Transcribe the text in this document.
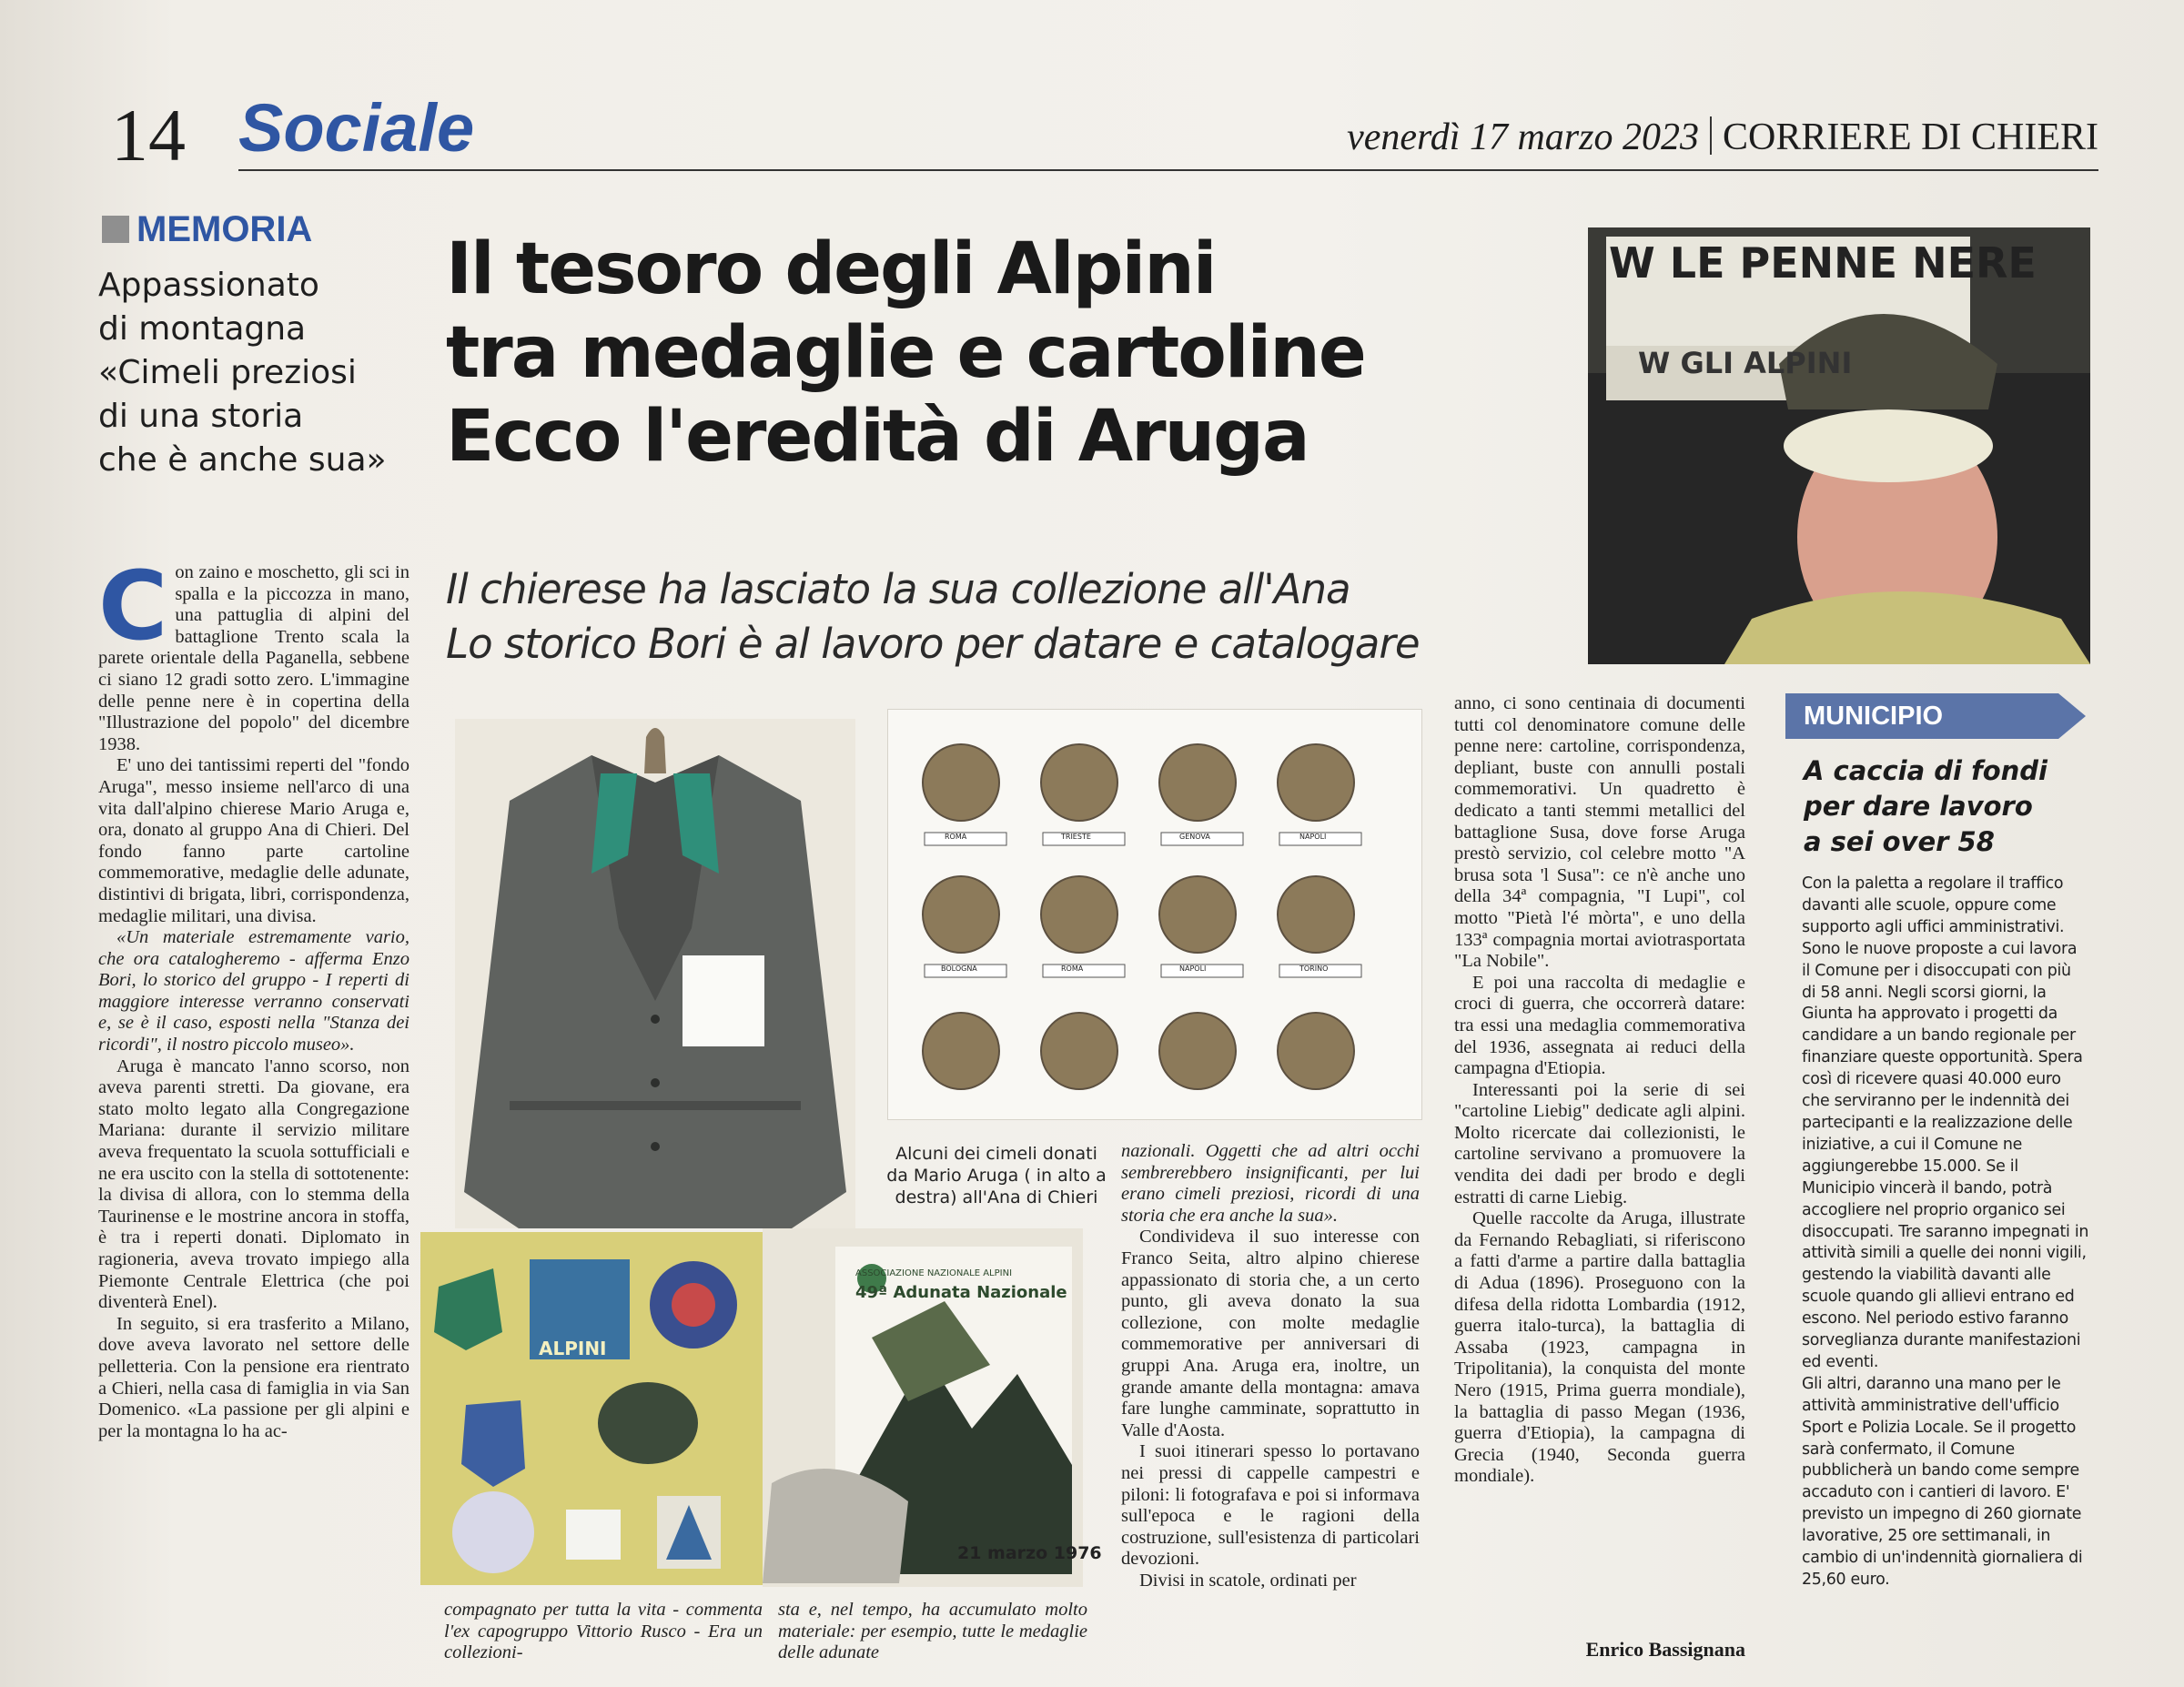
14 Sociale	venerdì 17 marzo 2023 CORRIERE DI CHIERI
MEMORIA
Appassionato
di montagna
«Cimeli preziosi
di una storia
che è anche sua»
Il tesoro degli Alpini
tra medaglie e cartoline
Ecco l'eredità di Aruga
Il chierese ha lasciato la sua collezione all'Ana
Lo storico Bori è al lavoro per datare e catalogare
C on zaino e moschetto, gli sci in spalla e la piccozza in mano, una pattuglia di alpini del battaglione Trento scala la parete orientale della Paganella, sebbene ci siano 12 gradi sotto zero. L'immagine delle penne nere è in copertina della "Illustrazione del popolo" del dicembre 1938.

E' uno dei tantissimi reperti del "fondo Aruga", messo insieme nell'arco di una vita dall'alpino chierese Mario Aruga e, ora, donato al gruppo Ana di Chieri. Del fondo fanno parte cartoline commemorative, medaglie delle adunate, distintivi di brigata, libri, corrispondenza, medaglie militari, una divisa.

«Un materiale estremamente vario, che ora catalogheremo - afferma Enzo Bori, lo storico del gruppo - I reperti di maggiore interesse verranno conservati e, se è il caso, esposti nella "Stanza dei ricordi", il nostro piccolo museo».

Aruga è mancato l'anno scorso, non aveva parenti stretti. Da giovane, era stato molto legato alla Congregazione Mariana: durante il servizio militare aveva frequentato la scuola sottufficiali e ne era uscito con la stella di sottotenente: la divisa di allora, con lo stemma della Taurinense e le mostrine ancora in stoffa, è tra i reperti donati. Diplomato in ragioneria, aveva trovato impiego alla Piemonte Centrale Elettrica (che poi diventerà Enel).

In seguito, si era trasferito a Milano, dove aveva lavorato nel settore delle pelletteria. Con la pensione era rientrato a Chieri, nella casa di famiglia in via San Domenico. «La passione per gli alpini e per la montagna lo ha ac-

W LE PENNE NERE
W GLI ALPINI
ROMA	TRIESTE	GENOVA	NAPOLI
BOLOGNA	ROMA	NAPOLI	TORINO
ALPINI
ASSOCIAZIONE NAZIONALE ALPINI
49ª Adunata Nazionale
21 marzo 1976
Alcuni dei cimeli donati da Mario Aruga ( in alto a destra) all'Ana di Chieri

nazionali. Oggetti che ad altri occhi sembrerebbero insignificanti, per lui erano cimeli preziosi, ricordi di una storia che era anche la sua».

Condivideva il suo interesse con Franco Seita, altro alpino chierese appassionato di storia che, a un certo punto, gli aveva donato la sua collezione, con molte medaglie commemorative per anniversari di gruppi Ana. Aruga era, inoltre, un grande amante della montagna: amava fare lunghe camminate, soprattutto in Valle d'Aosta.

I suoi itinerari spesso lo portavano nei pressi di cappelle campestri e piloni: li fotografava e poi si informava sull'epoca e le ragioni della costruzione, sull'esistenza di particolari devozioni.

Divisi in scatole, ordinati per

compagnato per tutta la vita - commenta l'ex capogruppo Vittorio Rusco - Era un collezioni-

sta e, nel tempo, ha accumulato molto materiale: per esempio, tutte le medaglie delle adunate

anno, ci sono centinaia di documenti tutti col denominatore comune delle penne nere: cartoline, corrispondenza, depliant, buste con annulli postali commemorativi. Un quadretto è dedicato a tanti stemmi metallici del battaglione Susa, dove forse Aruga prestò servizio, col celebre motto "A brusa sota 'l Susa": ce n'è anche uno della 34ª compagnia, "I Lupi", col motto "Pietà l'é mòrta", e uno della 133ª compagnia mortai aviotrasportata "La Nobile".

E poi una raccolta di medaglie e croci di guerra, che occorrerà datare: tra essi una medaglia commemorativa del 1936, assegnata ai reduci della campagna d'Etiopia.

Interessanti poi la serie di sei "cartoline Liebig" dedicate agli alpini. Molto ricercate dai collezionisti, le cartoline servivano a promuovere la vendita dei dadi per brodo e degli estratti di carne Liebig.

Quelle raccolte da Aruga, illustrate da Fernando Rebagliati, si riferiscono a fatti d'arme a partire dalla battaglia di Adua (1896). Proseguono con la difesa della ridotta Lombardia (1912, guerra italo-turca), la battaglia di Assaba (1923, campagna in Tripolitania), la conquista del monte Nero (1915, Prima guerra mondiale), la battaglia di passo Megan (1936, guerra d'Etiopia), la campagna di Grecia (1940, Seconda guerra mondiale).

Enrico Bassignana
MUNICIPIO
A caccia di fondi
per dare lavoro
a sei over 58

Con la paletta a regolare il traffico davanti alle scuole, oppure come supporto agli uffici amministrativi. Sono le nuove proposte a cui lavora il Comune per i disoccupati con più di 58 anni. Negli scorsi giorni, la Giunta ha approvato i progetti da candidare a un bando regionale per finanziare queste opportunità. Spera così di ricevere quasi 40.000 euro che serviranno per le indennità dei partecipanti e la realizzazione delle iniziative, a cui il Comune ne aggiungerebbe 15.000. Se il Municipio vincerà il bando, potrà accogliere nel proprio organico sei disoccupati. Tre saranno impegnati in attività simili a quelle dei nonni vigili, gestendo la viabilità davanti alle scuole quando gli allievi entrano ed escono. Nel periodo estivo faranno sorveglianza durante manifestazioni ed eventi.

Gli altri, daranno una mano per le attività amministrative dell'ufficio Sport e Polizia Locale. Se il progetto sarà confermato, il Comune pubblicherà un bando come sempre accaduto con i cantieri di lavoro. E' previsto un impegno di 260 giornate lavorative, 25 ore settimanali, in cambio di un'indennità giornaliera di 25,60 euro.
